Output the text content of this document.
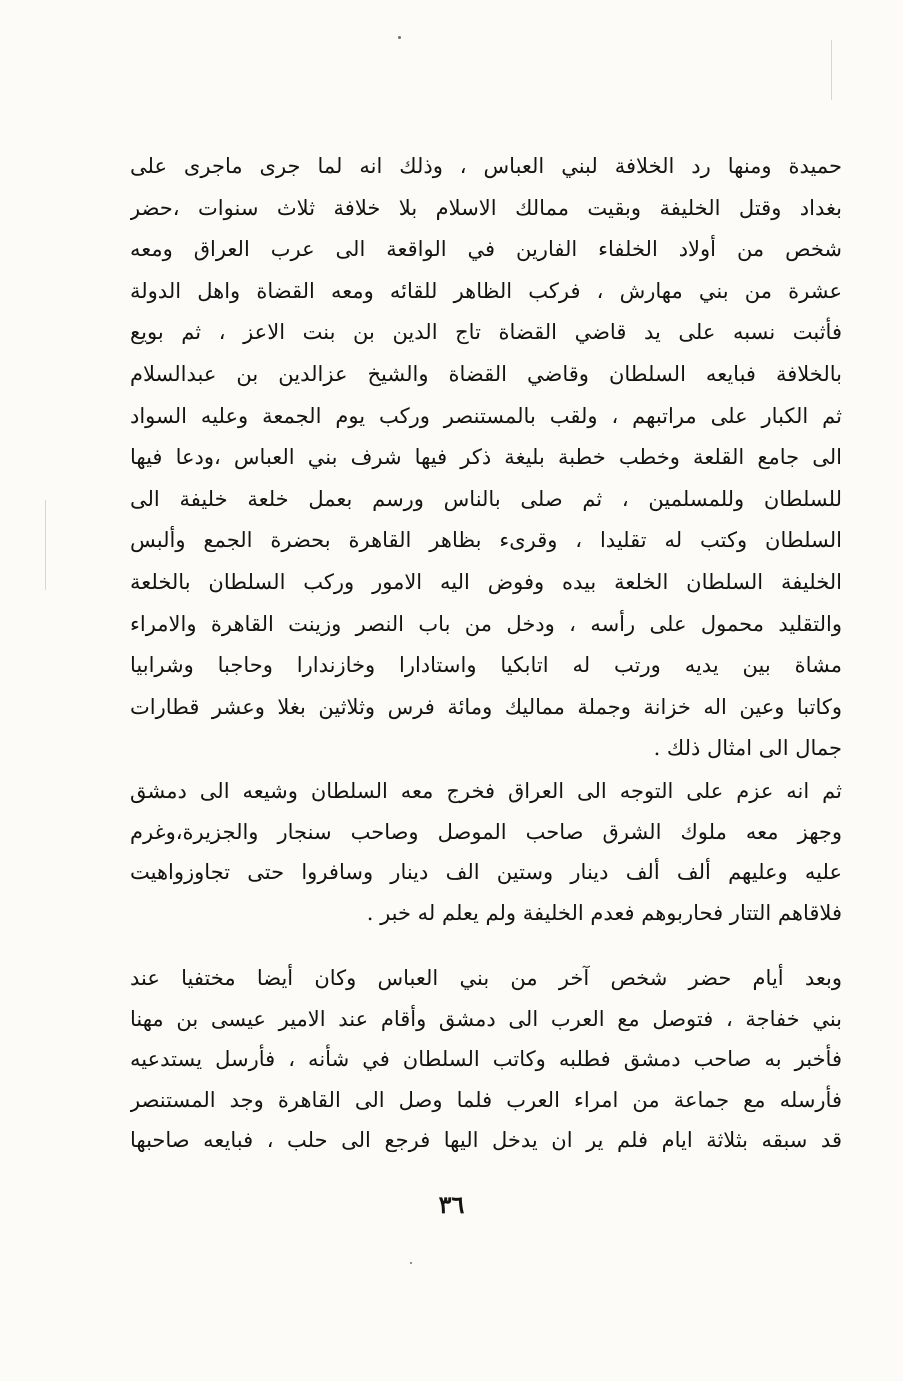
حميدة ومنها رد الخلافة لبني العباس ، وذلك انه لما جرى ماجرى على
بغداد وقتل الخليفة وبقيت ممالك الاسلام بلا خلافة ثلاث سنوات ،حضر
شخص من أولاد الخلفاء الفارين في الواقعة الى عرب العراق ومعه
عشرة من بني مهارش ، فركب الظاهر للقائه ومعه القضاة واهل الدولة
فأثبت نسبه على يد قاضي القضاة تاج الدين بن بنت الاعز ، ثم بويع
بالخلافة فبايعه السلطان وقاضي القضاة والشيخ عزالدين بن عبدالسلام
ثم الكبار على مراتبهم ، ولقب بالمستنصر وركب يوم الجمعة وعليه السواد
الى جامع القلعة وخطب خطبة بليغة ذكر فيها شرف بني العباس ،ودعا فيها
للسلطان وللمسلمين ، ثم صلى بالناس ورسم بعمل خلعة خليفة الى
السلطان وكتب له تقليدا ، وقرىء بظاهر القاهرة بحضرة الجمع وألبس
الخليفة السلطان الخلعة بيده وفوض اليه الامور وركب السلطان بالخلعة
والتقليد محمول على رأسه ، ودخل من باب النصر وزينت القاهرة والامراء
مشاة بين يديه ورتب له اتابكيا واستادارا وخازندارا وحاجبا وشرابيا
وكاتبا وعين اله خزانة وجملة مماليك ومائة فرس وثلاثين بغلا وعشر قطارات
جمال الى امثال ذلك .
ثم انه عزم على التوجه الى العراق فخرج معه السلطان وشيعه الى دمشق
وجهز معه ملوك الشرق صاحب الموصل وصاحب سنجار والجزيرة،وغرم
عليه وعليهم ألف ألف دينار وستين الف دينار وسافروا حتى تجاوزواهيت
فلاقاهم التتار فحاربوهم فعدم الخليفة ولم يعلم له خبر .
وبعد أيام حضر شخص آخر من بني العباس وكان أيضا مختفيا عند
بني خفاجة ، فتوصل مع العرب الى دمشق وأقام عند الامير عيسى بن مهنا
فأخبر به صاحب دمشق فطلبه وكاتب السلطان في شأنه ، فأرسل يستدعيه
فأرسله مع جماعة من امراء العرب فلما وصل الى القاهرة وجد المستنصر
قد سبقه بثلاثة ايام فلم ير ان يدخل اليها فرجع الى حلب ، فبايعه صاحبها
٣٦
